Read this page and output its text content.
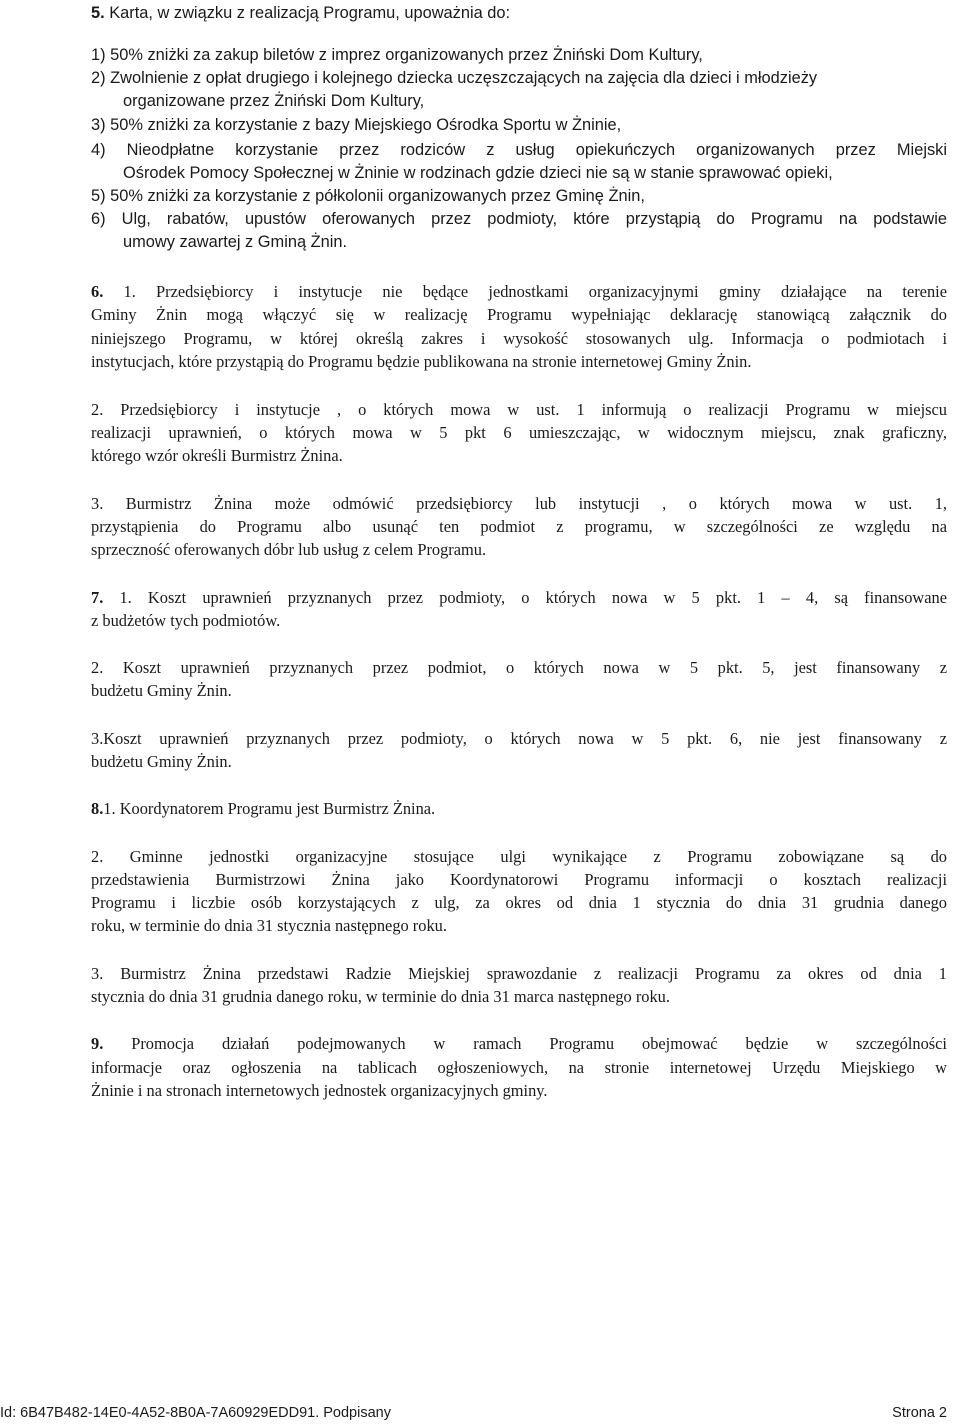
5. Karta, w związku z realizacją Programu, upoważnia do:
1) 50% zniżki za zakup biletów z imprez organizowanych przez Żniński Dom Kultury,
2) Zwolnienie z opłat drugiego i kolejnego dziecka uczęszczających na zajęcia dla dzieci i młodzieży
organizowane przez Żniński Dom Kultury,
3) 50% zniżki za korzystanie z bazy Miejskiego Ośrodka Sportu w Żninie,
4) Nieodpłatne korzystanie przez rodziców z usług opiekuńczych organizowanych przez Miejski
Ośrodek Pomocy Społecznej w Żninie w rodzinach gdzie dzieci nie są w stanie sprawować opieki,
5) 50% zniżki za korzystanie z półkolonii organizowanych przez Gminę Żnin,
6) Ulg, rabatów, upustów oferowanych przez podmioty, które przystąpią do Programu na podstawie
umowy zawartej z Gminą Żnin.
6. 1. Przedsiębiorcy i instytucje nie będące jednostkami organizacyjnymi gminy działające na terenie
Gminy Żnin mogą włączyć się w realizację Programu wypełniając deklarację stanowiącą załącznik do
niniejszego Programu, w której określą zakres i wysokość stosowanych ulg. Informacja o podmiotach i
instytucjach, które przystąpią do Programu będzie publikowana na stronie internetowej Gminy Żnin.
2. Przedsiębiorcy i instytucje , o których mowa w ust. 1 informują o realizacji Programu w miejscu
realizacji uprawnień, o których mowa w 5 pkt 6 umieszczając, w widocznym miejscu, znak graficzny,
którego wzór określi Burmistrz Żnina.
3. Burmistrz Żnina może odmówić przedsiębiorcy lub instytucji , o których mowa w ust. 1,
przystąpienia do Programu albo usunąć ten podmiot z programu, w szczególności ze względu na
sprzeczność oferowanych dóbr lub usług z celem Programu.
7. 1. Koszt uprawnień przyznanych przez podmioty, o których nowa w 5 pkt. 1 – 4, są finansowane
z budżetów tych podmiotów.
2. Koszt uprawnień przyznanych przez podmiot, o których nowa w 5 pkt. 5, jest finansowany z
budżetu Gminy Żnin.
3.Koszt uprawnień przyznanych przez podmioty, o których nowa w 5 pkt. 6, nie jest finansowany z
budżetu Gminy Żnin.
8.1. Koordynatorem Programu jest Burmistrz Żnina.
2. Gminne jednostki organizacyjne stosujące ulgi wynikające z Programu zobowiązane są do
przedstawienia Burmistrzowi Żnina jako Koordynatorowi Programu informacji o kosztach realizacji
Programu i liczbie osób korzystających z ulg, za okres od dnia 1 stycznia do dnia 31 grudnia danego
roku, w terminie do dnia 31 stycznia następnego roku.
3. Burmistrz Żnina przedstawi Radzie Miejskiej sprawozdanie z realizacji Programu za okres od dnia 1
stycznia do dnia 31 grudnia danego roku, w terminie do dnia 31 marca następnego roku.
9. Promocja działań podejmowanych w ramach Programu obejmować będzie w szczególności
informacje oraz ogłoszenia na tablicach ogłoszeniowych, na stronie internetowej Urzędu Miejskiego w
Żninie i na stronach internetowych jednostek organizacyjnych gminy.
Id: 6B47B482-14E0-4A52-8B0A-7A60929EDD91. Podpisany	Strona 2
